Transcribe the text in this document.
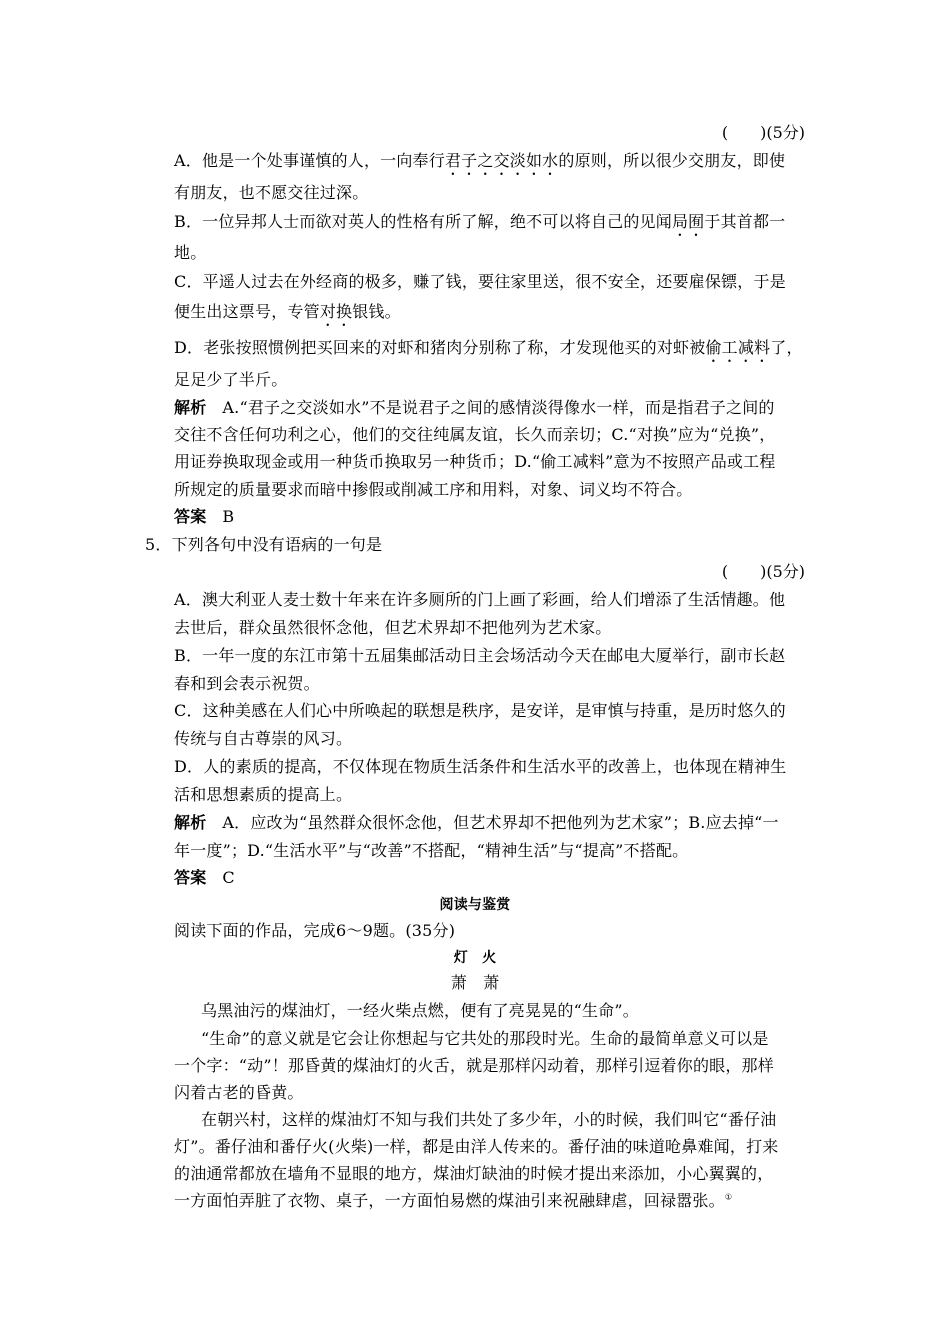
(　　)(5分)
A．他是一个处事谨慎的人，一向奉行君子之交淡如水的原则，所以很少交朋友，即使
有朋友，也不愿交往过深。
B．一位异邦人士而欲对英人的性格有所了解，绝不可以将自己的见闻局囿于其首都一
地。
C．平遥人过去在外经商的极多，赚了钱，要往家里送，很不安全，还要雇保镖，于是
便生出这票号，专管对换银钱。
D．老张按照惯例把买回来的对虾和猪肉分别称了称，才发现他买的对虾被偷工减料了，
足足少了半斤。
解析 A.“君子之交淡如水”不是说君子之间的感情淡得像水一样，而是指君子之间的
交往不含任何功利之心，他们的交往纯属友谊，长久而亲切；C.“对换”应为“兑换”，
用证券换取现金或用一种货币换取另一种货币；D.“偷工减料”意为不按照产品或工程
所规定的质量要求而暗中掺假或削减工序和用料，对象、词义均不符合。
答案 B
5．下列各句中没有语病的一句是
(　　)(5分)
A．澳大利亚人麦士数十年来在许多厕所的门上画了彩画，给人们增添了生活情趣。他
去世后，群众虽然很怀念他，但艺术界却不把他列为艺术家。
B．一年一度的东江市第十五届集邮活动日主会场活动今天在邮电大厦举行，副市长赵
春和到会表示祝贺。
C．这种美感在人们心中所唤起的联想是秩序，是安详，是审慎与持重，是历时悠久的
传统与自古尊崇的风习。
D．人的素质的提高，不仅体现在物质生活条件和生活水平的改善上，也体现在精神生
活和思想素质的提高上。
解析 A．应改为“虽然群众很怀念他，但艺术界却不把他列为艺术家”；B.应去掉“一
年一度”；D.“生活水平”与“改善”不搭配，“精神生活”与“提高”不搭配。
答案 C
阅读与鉴赏
阅读下面的作品，完成6～9题。(35分)
灯　火
萧　萧
乌黑油污的煤油灯，一经火柴点燃，便有了亮晃晃的“生命”。
“生命”的意义就是它会让你想起与它共处的那段时光。生命的最简单意义可以是
一个字：“动”！那昏黄的煤油灯的火舌，就是那样闪动着，那样引逗着你的眼，那样
闪着古老的昏黄。
在朝兴村，这样的煤油灯不知与我们共处了多少年，小的时候，我们叫它“番仔油
灯”。番仔油和番仔火(火柴)一样，都是由洋人传来的。番仔油的味道呛鼻难闻，打来
的油通常都放在墙角不显眼的地方，煤油灯缺油的时候才提出来添加，小心翼翼的，
一方面怕弄脏了衣物、桌子，一方面怕易燃的煤油引来祝融肆虐，回禄嚣张。①
